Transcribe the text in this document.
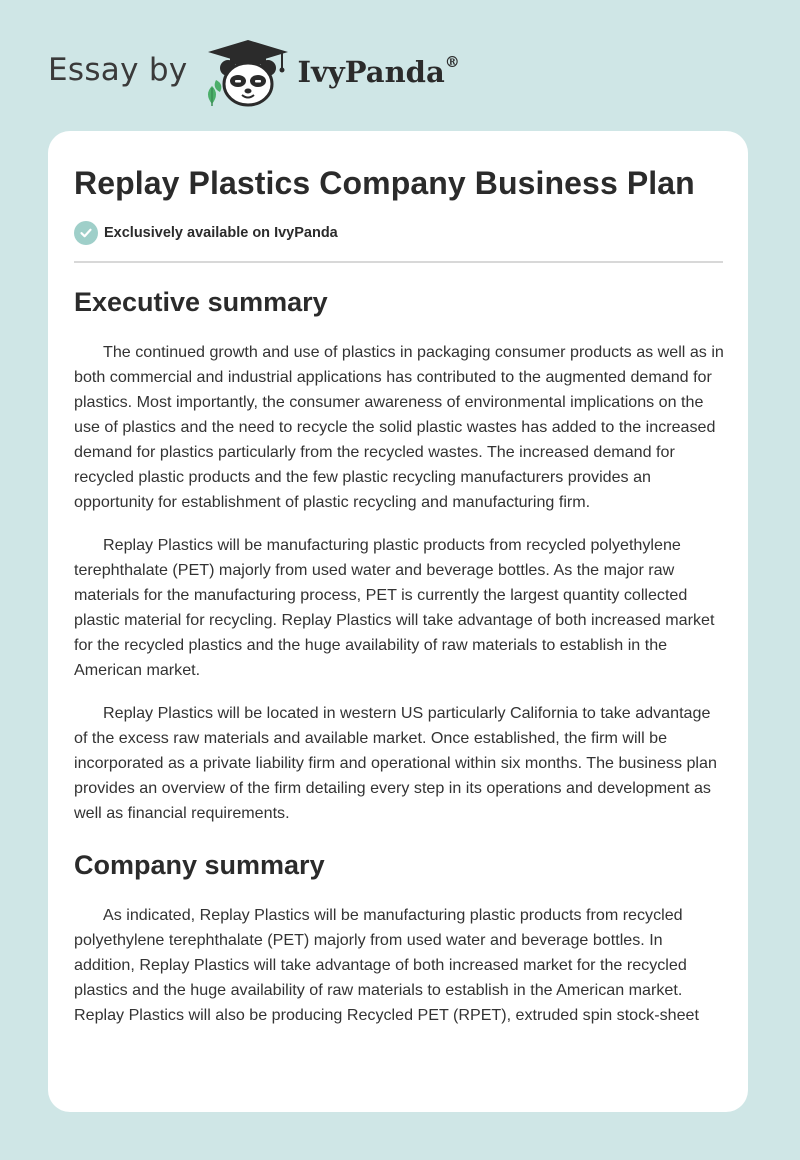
Essay by	IvyPanda®
Replay Plastics Company Business Plan
Exclusively available on IvyPanda
Executive summary

The continued growth and use of plastics in packaging consumer products as well as in both commercial and industrial applications has contributed to the augmented demand for plastics. Most importantly, the consumer awareness of environmental implications on the use of plastics and the need to recycle the solid plastic wastes has added to the increased demand for plastics particularly from the recycled wastes. The increased demand for recycled plastic products and the few plastic recycling manufacturers provides an opportunity for establishment of plastic recycling and manufacturing firm.

Replay Plastics will be manufacturing plastic products from recycled polyethylene terephthalate (PET) majorly from used water and beverage bottles. As the major raw materials for the manufacturing process, PET is currently the largest quantity collected plastic material for recycling. Replay Plastics will take advantage of both increased market for the recycled plastics and the huge availability of raw materials to establish in the American market.

Replay Plastics will be located in western US particularly California to take advantage of the excess raw materials and available market. Once established, the firm will be incorporated as a private liability firm and operational within six months. The business plan provides an overview of the firm detailing every step in its operations and development as well as financial requirements.

Company summary

As indicated, Replay Plastics will be manufacturing plastic products from recycled polyethylene terephthalate (PET) majorly from used water and beverage bottles. In addition, Replay Plastics will take advantage of both increased market for the recycled plastics and the huge availability of raw materials to establish in the American market. Replay Plastics will also be producing Recycled PET (RPET), extruded spin stock-sheet
